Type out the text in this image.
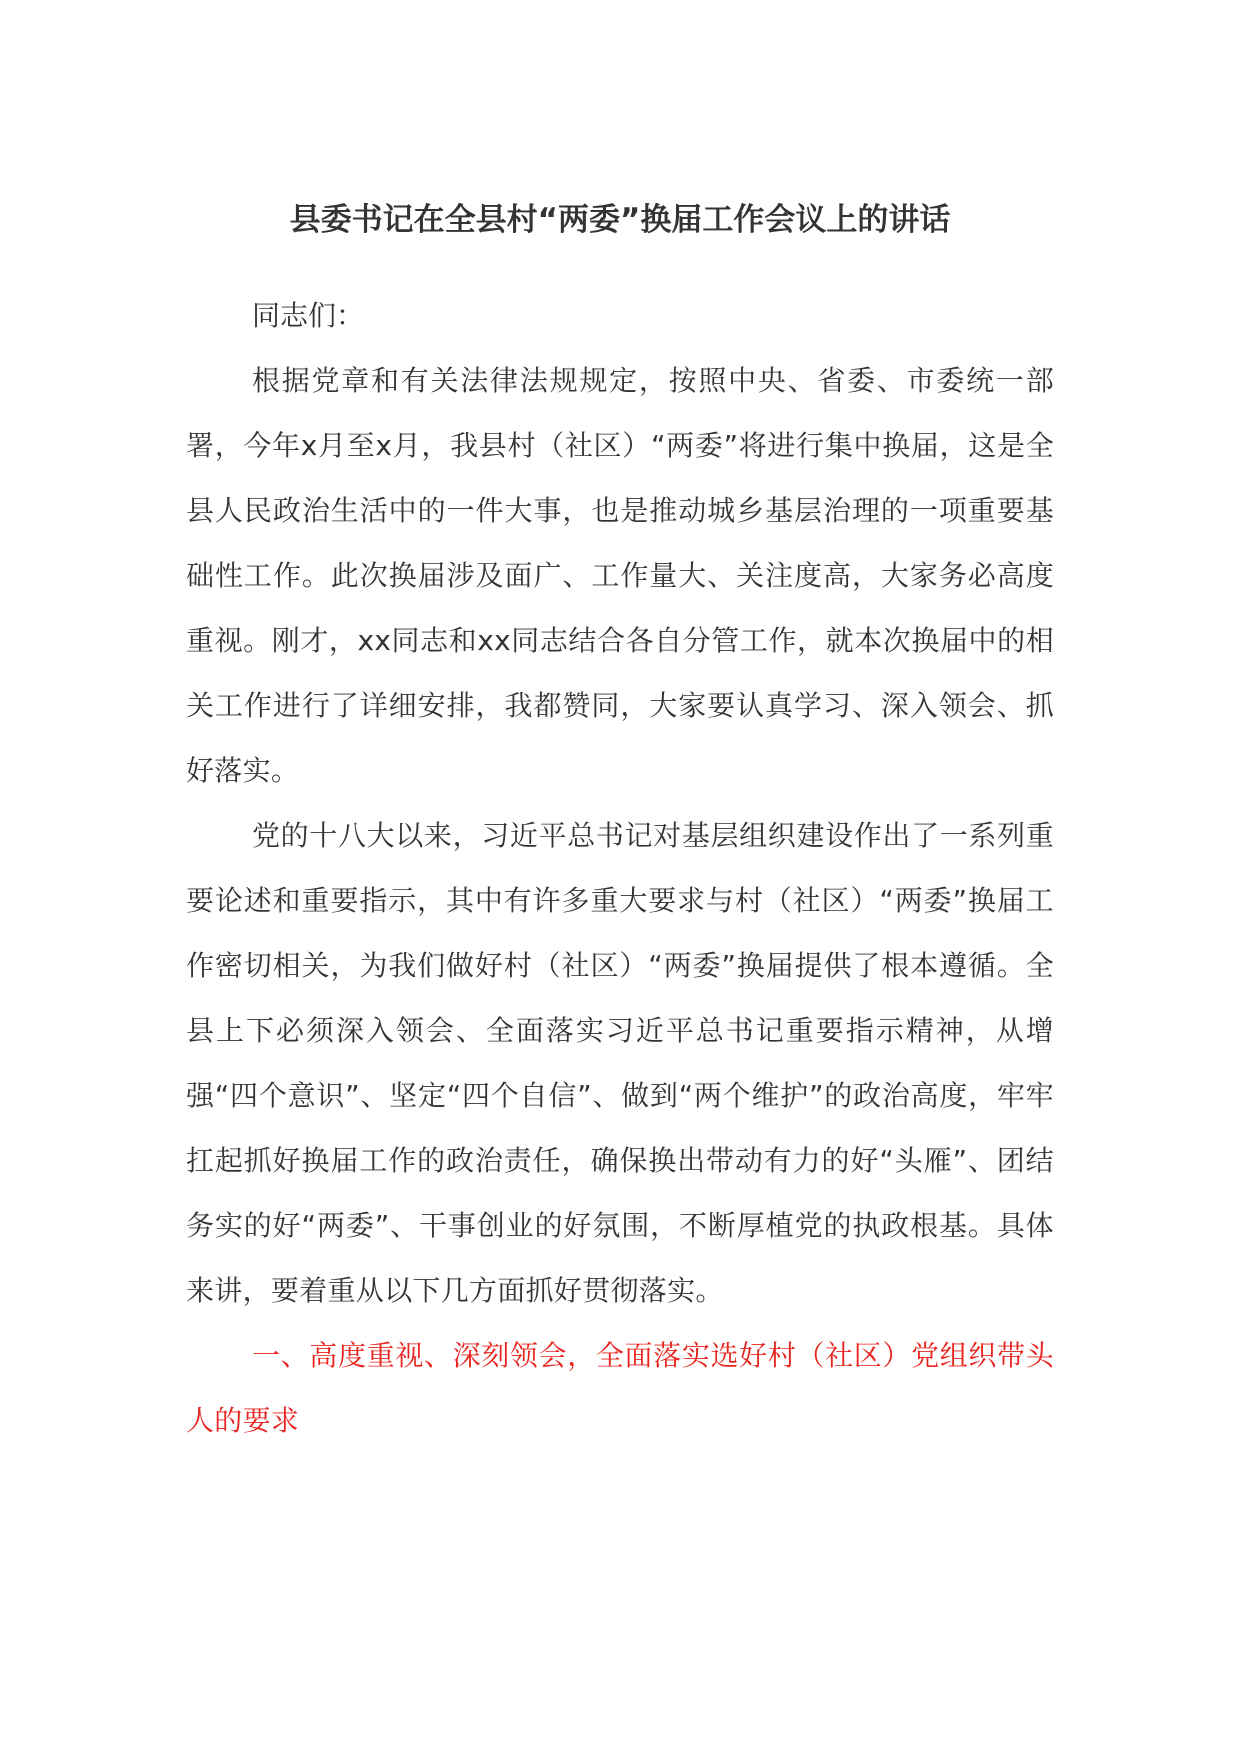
县委书记在全县村“两委”换届工作会议上的讲话

同志们：

根据党章和有关法律法规规定，按照中央、省委、市委统一部署，今年x月至x月，我县村（社区）“两委”将进行集中换届，这是全县人民政治生活中的一件大事，也是推动城乡基层治理的一项重要基础性工作。此次换届涉及面广、工作量大、关注度高，大家务必高度重视。刚才，xx同志和xx同志结合各自分管工作，就本次换届中的相关工作进行了详细安排，我都赞同，大家要认真学习、深入领会、抓好落实。

党的十八大以来，习近平总书记对基层组织建设作出了一系列重要论述和重要指示，其中有许多重大要求与村（社区）“两委”换届工作密切相关，为我们做好村（社区）“两委”换届提供了根本遵循。全县上下必须深入领会、全面落实习近平总书记重要指示精神，从增强“四个意识”、坚定“四个自信”、做到“两个维护”的政治高度，牢牢扛起抓好换届工作的政治责任，确保换出带动有力的好“头雁”、团结务实的好“两委”、干事创业的好氛围，不断厚植党的执政根基。具体来讲，要着重从以下几方面抓好贯彻落实。

一、高度重视、深刻领会，全面落实选好村（社区）党组织带头人的要求
